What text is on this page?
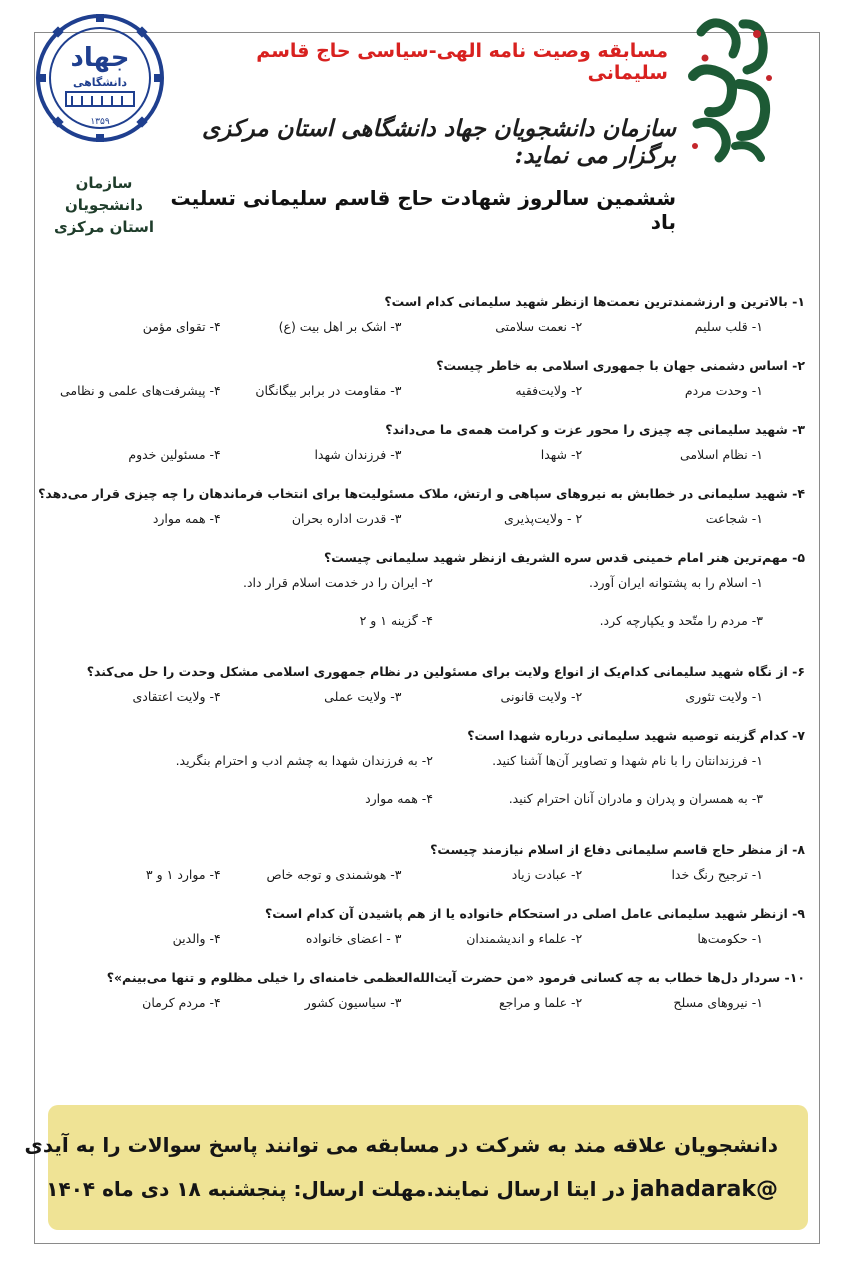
جهاد
دانشگاهی
۱۳۵۹
سازمان دانشجویان
استان مرکزی
مسابقه وصیت نامه الهی-سیاسی حاج قاسم سلیمانی
سازمان دانشجویان جهاد دانشگاهی استان مرکزی برگزار می نماید:
ششمین سالروز شهادت حاج قاسم سلیمانی تسلیت باد
۱- بالاترین و ارزشمندترین نعمت‌ها ازنظر شهید سلیمانی کدام است؟
۱- قلب سلیم
۲- نعمت سلامتی
۳- اشک بر اهل بیت (ع)
۴- تقوای مؤمن
۲- اساس دشمنی جهان با جمهوری اسلامی به خاطر چیست؟
۱- وحدت مردم
۲- ولایت‌فقیه
۳- مقاومت در برابر بیگانگان
۴- پیشرفت‌های علمی و نظامی
۳- شهید سلیمانی چه چیزی را محور عزت و کرامت همه‌ی ما می‌داند؟
۱- نظام اسلامی
۲- شهدا
۳- فرزندان شهدا
۴- مسئولین خدوم
۴- شهید سلیمانی در خطابش به نیروهای سپاهی و ارتش، ملاک مسئولیت‌ها برای انتخاب فرماندهان را چه چیزی قرار می‌دهد؟
۱- شجاعت
۲ - ولایت‌پذیری
۳- قدرت اداره بحران
۴- همه موارد
۵- مهم‌ترین هنر امام خمینی قدس سره الشریف ازنظر شهید سلیمانی چیست؟
۱- اسلام را به پشتوانه ایران آورد.
۲- ایران را در خدمت اسلام قرار داد.
۳- مردم را متّحد و یکپارچه کرد.
۴- گزینه ۱ و ۲
۶- از نگاه شهید سلیمانی کدام‌یک از انواع ولایت برای مسئولین در نظام جمهوری اسلامی مشکل وحدت را حل می‌کند؟
۱- ولایت تئوری
۲- ولایت قانونی
۳- ولایت عملی
۴- ولایت اعتقادی
۷- کدام گزینه توصیه شهید سلیمانی درباره شهدا است؟
۱- فرزندانتان را با نام شهدا و تصاویر آن‌ها آشنا کنید.
۲- به فرزندان شهدا به چشم ادب و احترام بنگرید.
۳- به همسران و پدران و مادران آنان احترام کنید.
۴- همه موارد
۸- از منظر حاج قاسم سلیمانی دفاع از اسلام نیازمند چیست؟
۱- ترجیح رنگ خدا
۲- عبادت زیاد
۳- هوشمندی و توجه خاص
۴- موارد ۱ و ۳
۹- ازنظر شهید سلیمانی عامل اصلی در استحکام خانواده یا از هم پاشیدن آن کدام است؟
۱- حکومت‌ها
۲- علماء و اندیشمندان
۳ - اعضای خانواده
۴- والدین
۱۰- سردار دل‌ها خطاب به چه کسانی فرمود «من حضرت آیت‌الله‌العظمی خامنه‌ای را خیلی مظلوم و تنها می‌بینم»؟
۱- نیروهای مسلح
۲- علما و مراجع
۳- سیاسیون کشور
۴- مردم کرمان
دانشجویان علاقه مند به شرکت در مسابقه می توانند پاسخ سوالات را به آیدی
@jahadarak در ایتا ارسال نمایند.مهلت ارسال: پنجشنبه ۱۸ دی ماه ۱۴۰۴
